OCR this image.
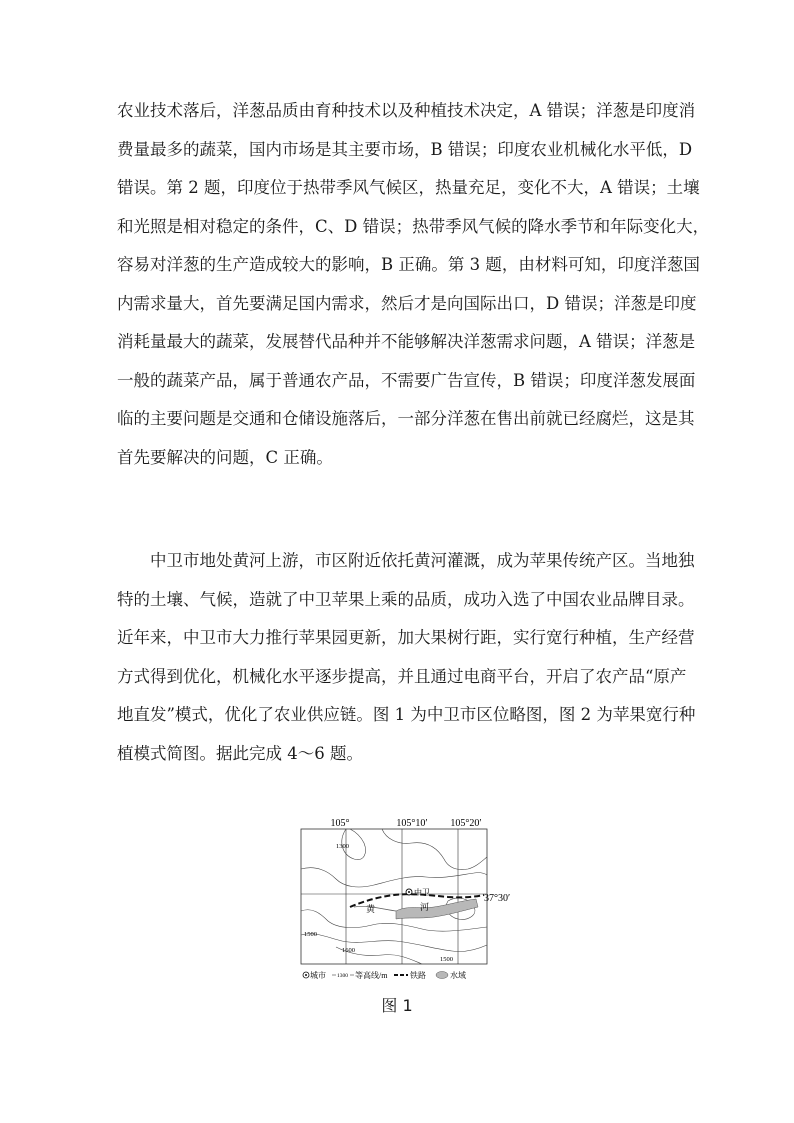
农业技术落后，洋葱品质由育种技术以及种植技术决定，A 错误；洋葱是印度消
费量最多的蔬菜，国内市场是其主要市场，B 错误；印度农业机械化水平低，D
错误。第 2 题，印度位于热带季风气候区，热量充足，变化不大，A 错误；土壤
和光照是相对稳定的条件，C、D 错误；热带季风气候的降水季节和年际变化大，
容易对洋葱的生产造成较大的影响，B 正确。第 3 题，由材料可知，印度洋葱国
内需求量大，首先要满足国内需求，然后才是向国际出口，D 错误；洋葱是印度
消耗量最大的蔬菜，发展替代品种并不能够解决洋葱需求问题，A 错误；洋葱是
一般的蔬菜产品，属于普通农产品，不需要广告宣传，B 错误；印度洋葱发展面
临的主要问题是交通和仓储设施落后，一部分洋葱在售出前就已经腐烂，这是其
首先要解决的问题，C 正确。
中卫市地处黄河上游，市区附近依托黄河灌溉，成为苹果传统产区。当地独
特的土壤、气候，造就了中卫苹果上乘的品质，成功入选了中国农业品牌目录。
近年来，中卫市大力推行苹果园更新，加大果树行距，实行宽行种植，生产经营
方式得到优化，机械化水平逐步提高，并且通过电商平台，开启了农产品“原产
地直发”模式，优化了农业供应链。图 1 为中卫市区位略图，图 2 为苹果宽行种
植模式简图。据此完成 4～6 题。
105°	105°10′ 105°20′
1300
1500
1600
1500
中卫
黄	河
37°30′
城市 1300 等高线/m	铁路	水域
图 1
